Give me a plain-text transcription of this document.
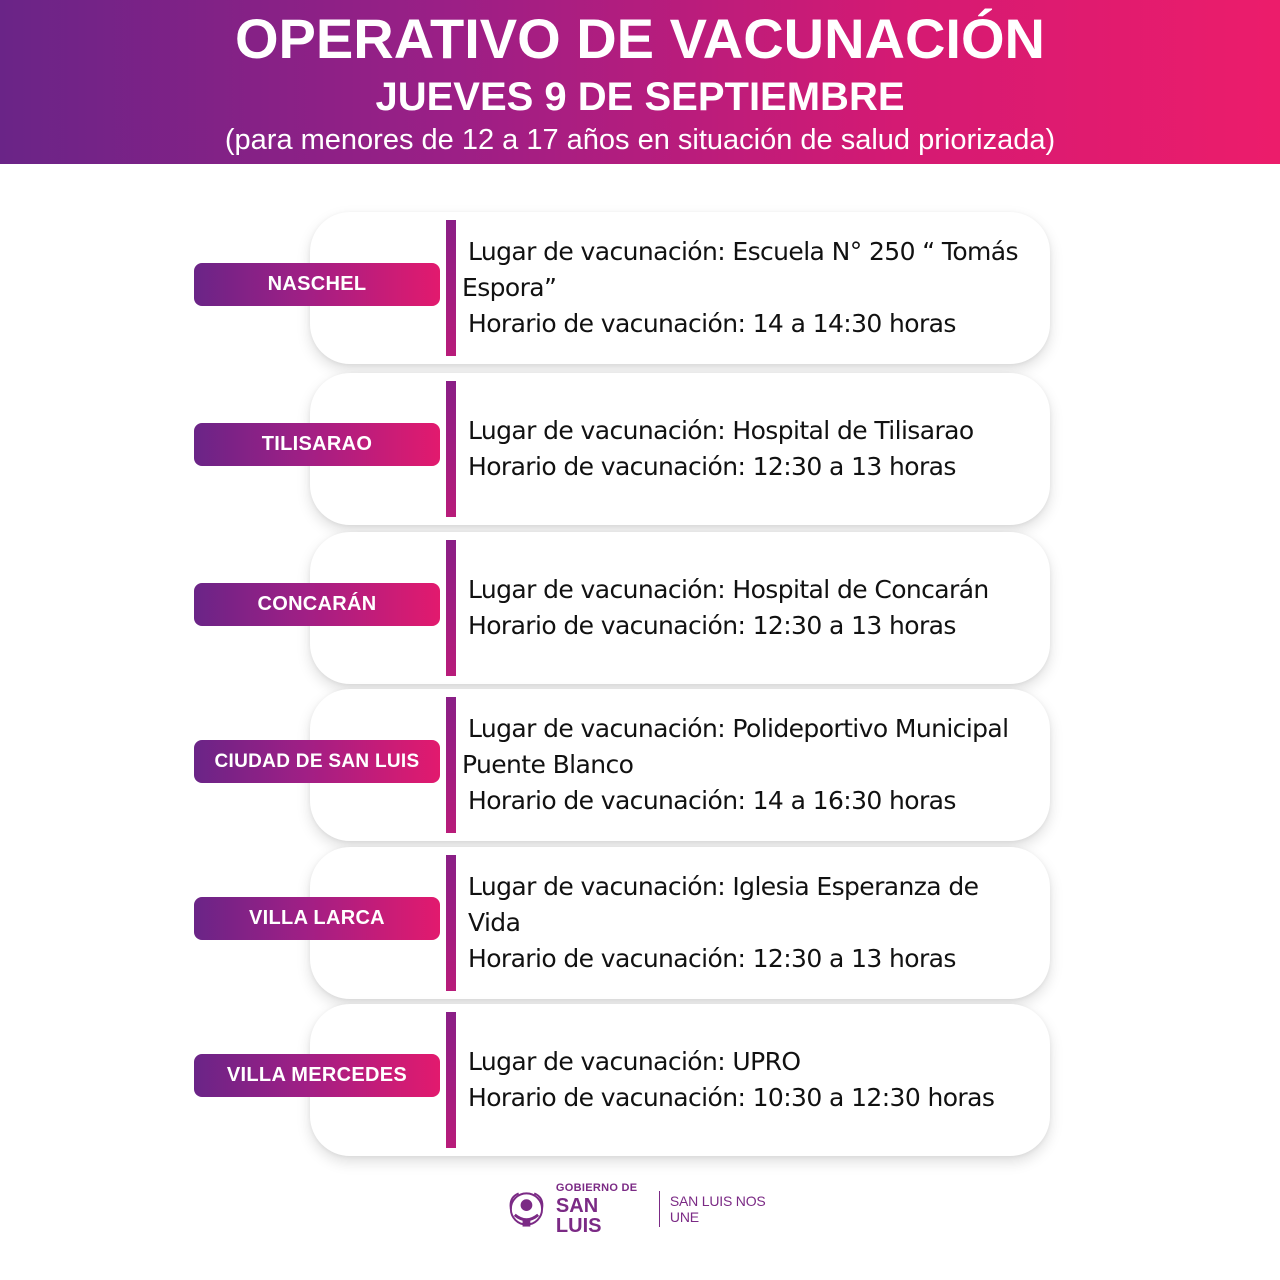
OPERATIVO DE VACUNACIÓN
JUEVES 9 DE SEPTIEMBRE
(para menores de 12 a 17 años en situación de salud priorizada)
Lugar de vacunación: Escuela N° 250 “ Tomás
Espora”
Horario de vacunación: 14 a 14:30 horas
NASCHEL
Lugar de vacunación: Hospital de Tilisarao
Horario de vacunación: 12:30 a 13 horas
TILISARAO
Lugar de vacunación: Hospital de Concarán
Horario de vacunación: 12:30 a 13 horas
CONCARÁN
Lugar de vacunación: Polideportivo Municipal
Puente Blanco
Horario de vacunación: 14 a 16:30 horas
CIUDAD DE SAN LUIS
Lugar de vacunación: Iglesia Esperanza de Vida
Horario de vacunación: 12:30 a 13 horas
VILLA LARCA
Lugar de vacunación: UPRO
Horario de vacunación: 10:30 a 12:30 horas
VILLA MERCEDES
GOBIERNO DE
SAN LUIS
SAN LUIS NOS UNE
